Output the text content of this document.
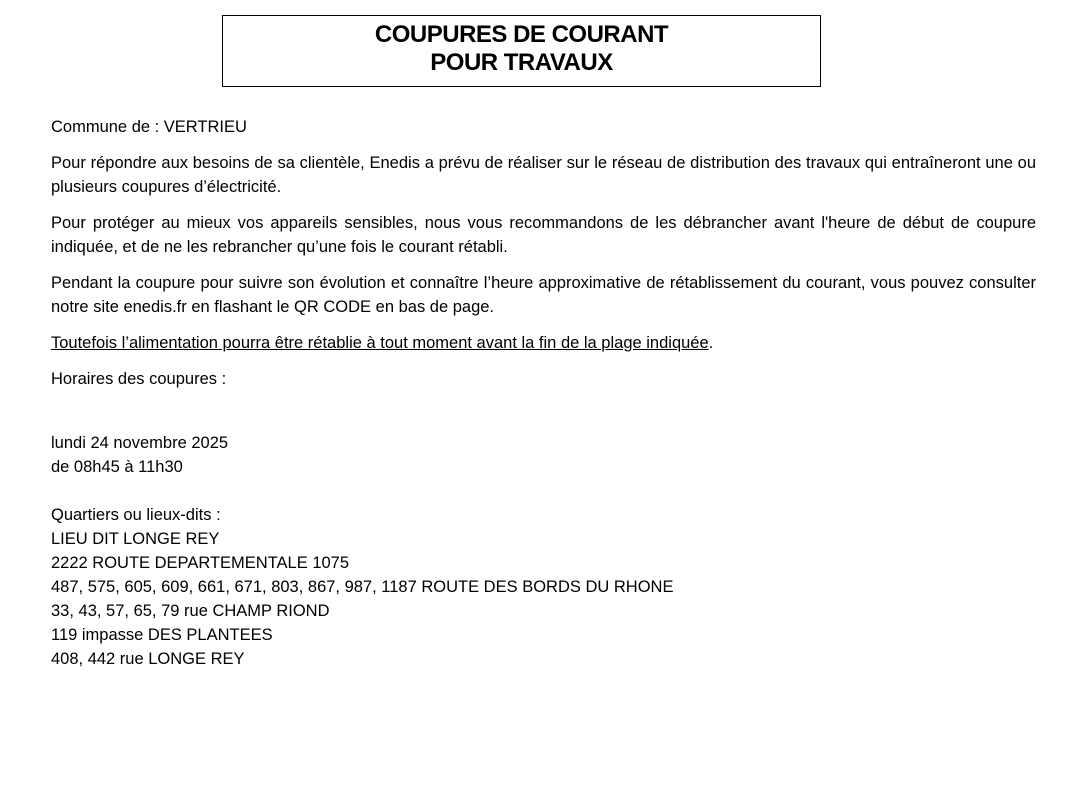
COUPURES DE COURANT
POUR TRAVAUX

Commune de : VERTRIEU

Pour répondre aux besoins de sa clientèle, Enedis a prévu de réaliser sur le réseau de distribution des travaux qui entraîneront une ou plusieurs coupures d’électricité.

Pour protéger au mieux vos appareils sensibles, nous vous recommandons de les débrancher avant l'heure de début de coupure indiquée, et de ne les rebrancher qu’une fois le courant rétabli.

Pendant la coupure pour suivre son évolution et connaître l’heure approximative de rétablissement du courant, vous pouvez consulter notre site enedis.fr en flashant le QR CODE en bas de page.

Toutefois l’alimentation pourra être rétablie à tout moment avant la fin de la plage indiquée.

Horaires des coupures :

lundi 24 novembre 2025
de 08h45 à 11h30
Quartiers ou lieux-dits :
LIEU DIT LONGE REY
2222 ROUTE DEPARTEMENTALE 1075
487, 575, 605, 609, 661, 671, 803, 867, 987, 1187 ROUTE DES BORDS DU RHONE
33, 43, 57, 65, 79 rue CHAMP RIOND
119 impasse DES PLANTEES
408, 442 rue LONGE REY
